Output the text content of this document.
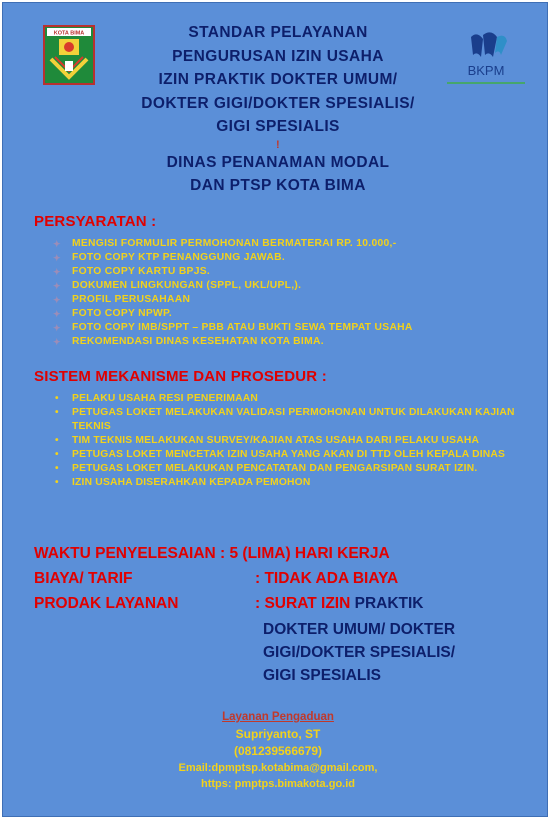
KOTA BIMA
BKPM
STANDAR PELAYANAN
PENGURUSAN IZIN USAHA
IZIN PRAKTIK DOKTER UMUM/
DOKTER GIGI/DOKTER SPESIALIS/
GIGI SPESIALIS
!
DINAS PENANAMAN MODAL
DAN PTSP KOTA BIMA
PERSYARATAN :
✦ MENGISI FORMULIR PERMOHONAN BERMATERAI RP. 10.000,-
✦ FOTO COPY KTP PENANGGUNG JAWAB.
✦ FOTO COPY KARTU BPJS.
✦ DOKUMEN LINGKUNGAN (SPPL, UKL/UPL,).
✦ PROFIL PERUSAHAAN
✦ FOTO COPY NPWP.
✦ FOTO COPY IMB/SPPT – PBB ATAU BUKTI SEWA TEMPAT USAHA
✦ REKOMENDASI DINAS KESEHATAN KOTA BIMA.
SISTEM MEKANISME DAN PROSEDUR :
• PELAKU USAHA RESI PENERIMAAN
• PETUGAS LOKET MELAKUKAN VALIDASI PERMOHONAN UNTUK DILAKUKAN KAJIAN TEKNIS
• TIM TEKNIS MELAKUKAN SURVEY/KAJIAN ATAS USAHA DARI PELAKU USAHA
• PETUGAS LOKET MENCETAK IZIN USAHA YANG AKAN DI TTD OLEH KEPALA DINAS
• PETUGAS LOKET MELAKUKAN PENCATATAN DAN PENGARSIPAN SURAT IZIN.
• IZIN USAHA DISERAHKAN KEPADA PEMOHON
WAKTU PENYELESAIAN : 5 (LIMA) HARI KERJA
BIAYA/ TARIF	: TIDAK ADA BIAYA
PRODAK LAYANAN	: SURAT IZIN PRAKTIK
DOKTER UMUM/ DOKTER
GIGI/DOKTER SPESIALIS/
GIGI SPESIALIS
Layanan Pengaduan
Supriyanto, ST
(081239566679)
Email:dpmptsp.kotabima@gmail.com,
https: pmptps.bimakota.go.id
